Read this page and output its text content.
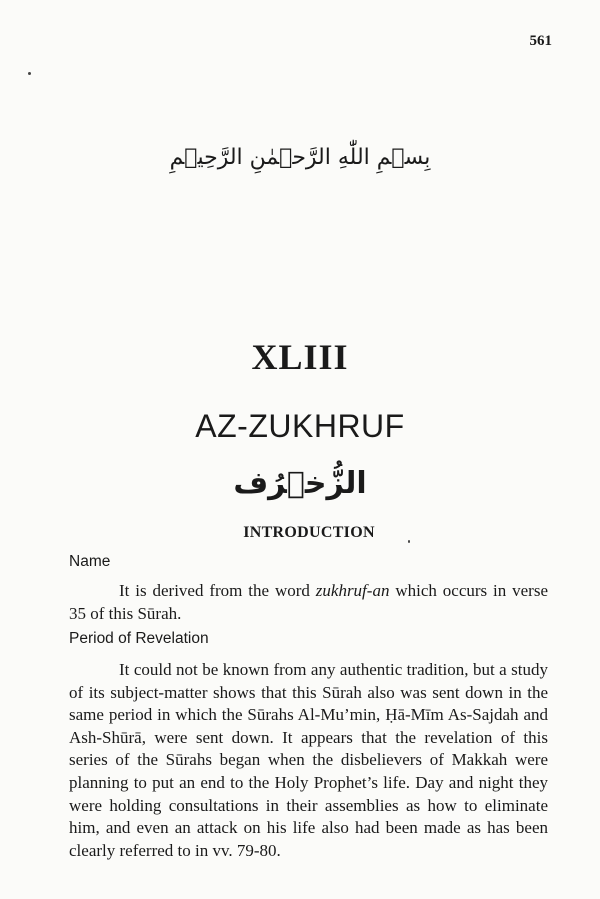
561
بِسۡمِ اللّٰهِ الرَّحۡمٰنِ الرَّحِيۡمِ
XLIII
AZ-ZUKHRUF
الزُّخۡرُف
INTRODUCTION
Name

It is derived from the word zukhruf-an which occurs in verse 35 of this Sūrah.

Period of Revelation

It could not be known from any authentic tradition, but a study of its subject-matter shows that this Sūrah also was sent down in the same period in which the Sūrahs Al-Mu’min, Ḥā-Mīm As-Sajdah and Ash-Shūrā, were sent down. It appears that the revelation of this series of the Sūrahs began when the disbelievers of Makkah were planning to put an end to the Holy Prophet’s life. Day and night they were holding consultations in their assemblies as how to eliminate him, and even an attack on his life also had been made as has been clearly referred to in vv. 79-80.
